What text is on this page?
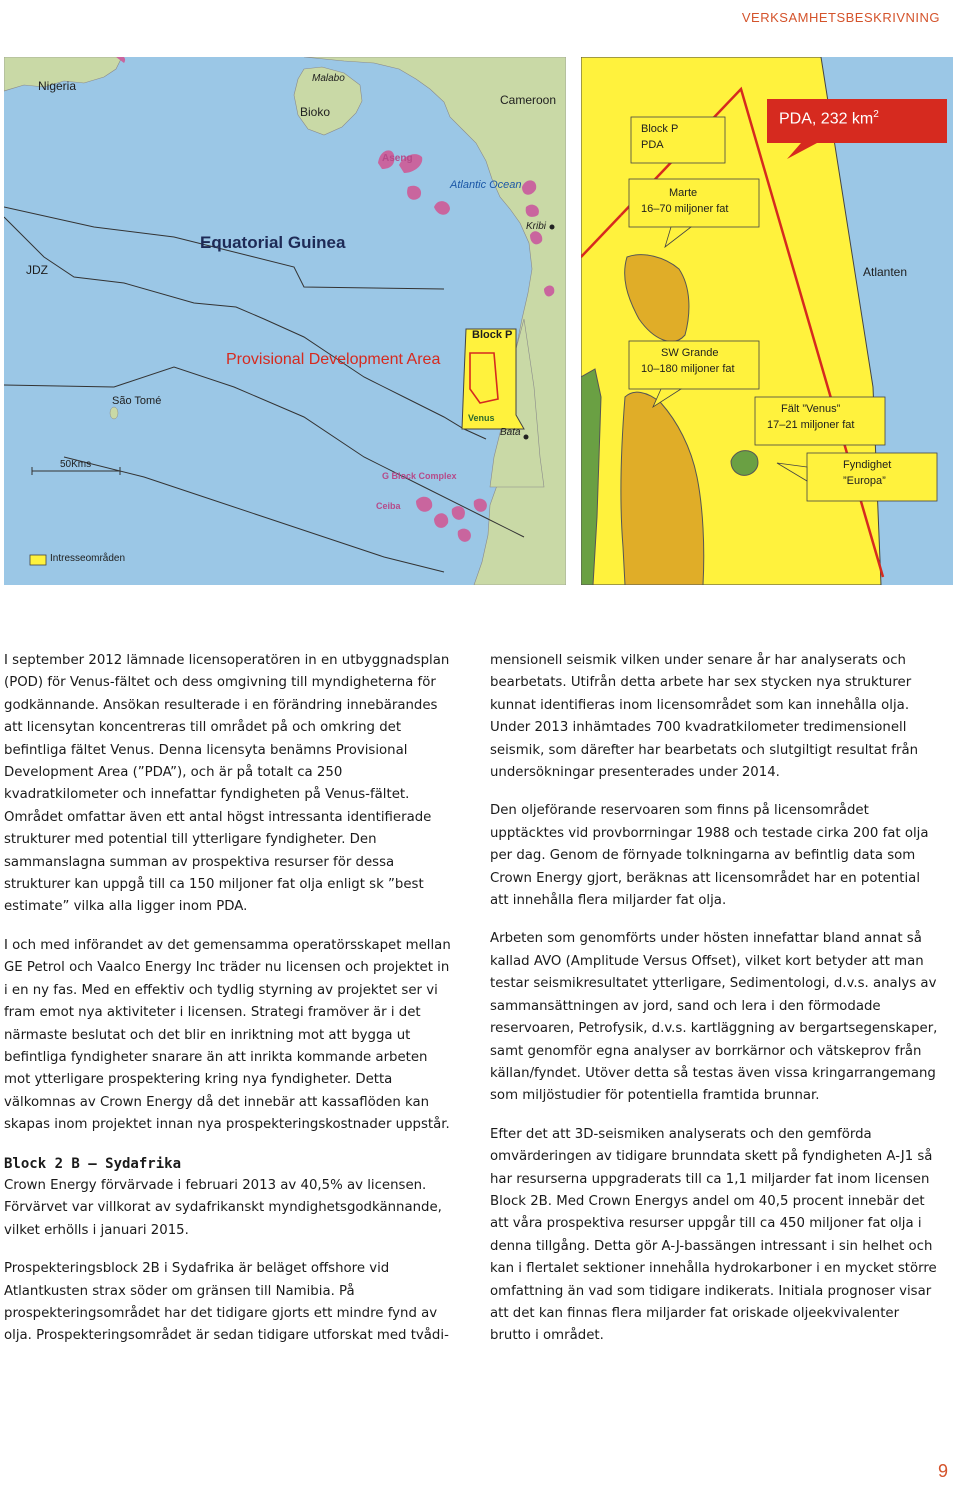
VERKSAMHETSBESKRIVNING
Nigeria
Malabo
Bioko
Cameroon
Aseng
Atlantic Ocean
Kribi
Equatorial Guinea
JDZ
Block P
Provisional Development Area
São Tomé
Venus
Bata
50Kms
G Block Complex
Ceiba
Intresseområden
Block P
PDA
PDA, 232 $km^2$
Marte
16–70 miljoner fat
Atlanten
SW Grande
10–180 miljoner fat
Fält ”Venus”
17–21 miljoner fat
Fyndighet
”Europa”

I september 2012 lämnade licensoperatören in en utbyggnadsplan (POD) för Venus-fältet och dess omgivning till myndigheterna för godkännande. Ansökan resulterade i en förändring innebärandes att licensytan koncentreras till området på och omkring det befintliga fältet Venus. Denna licensyta benämns Provisional Development Area (”PDA”), och är på totalt ca 250 kvadratkilometer och innefattar fyndigheten på Venus-fältet. Området omfattar även ett antal högst intressanta identifierade strukturer med potential till ytterligare fyndigheter. Den sammanslagna summan av prospektiva resurser för dessa strukturer kan uppgå till ca 150 miljoner fat olja enligt sk ”best estimate” vilka alla ligger inom PDA.

I och med införandet av det gemensamma operatörsskapet mellan GE Petrol och Vaalco Energy Inc träder nu licensen och projektet in i en ny fas. Med en effektiv och tydlig styrning av projektet ser vi fram emot nya aktiviteter i licensen. Strategi framöver är i det närmaste beslutat och det blir en inriktning mot att bygga ut befintliga fyndigheter snarare än att inrikta kommande arbeten mot ytterligare prospektering kring nya fyndigheter. Detta välkomnas av Crown Energy då det innebär att kassaflöden kan skapas inom projektet innan nya prospekteringskostnader uppstår.

Block 2 B – Sydafrika

Crown Energy förvärvade i februari 2013 av 40,5% av licensen. Förvärvet var villkorat av sydafrikanskt myndighetsgodkännande, vilket erhölls i januari 2015.

Prospekteringsblock 2B i Sydafrika är beläget offshore vid Atlantkusten strax söder om gränsen till Namibia. På prospekteringsområdet har det tidigare gjorts ett mindre fynd av olja. Prospekteringsområdet är sedan tidigare utforskat med tvådi-

mensionell seismik vilken under senare år har analyserats och bearbetats. Utifrån detta arbete har sex stycken nya strukturer kunnat identifieras inom licensområdet som kan innehålla olja. Under 2013 inhämtades 700 kvadratkilometer tredimensionell seismik, som därefter har bearbetats och slutgiltigt resultat från undersökningar presenterades under 2014.

Den oljeförande reservoaren som finns på licensområdet upptäcktes vid provborrningar 1988 och testade cirka 200 fat olja per dag. Genom de förnyade tolkningarna av befintlig data som Crown Energy gjort, beräknas att licensområdet har en potential att innehålla flera miljarder fat olja.

Arbeten som genomförts under hösten innefattar bland annat så kallad AVO (Amplitude Versus Offset), vilket kort betyder att man testar seismikresultatet ytterligare, Sedimentologi, d.v.s. analys av sammansättningen av jord, sand och lera i den förmodade reservoaren, Petrofysik, d.v.s. kartläggning av bergartsegenskaper, samt genomför egna analyser av borrkärnor och vätskeprov från källan/fyndet. Utöver detta så testas även vissa kringarrangemang som miljöstudier för potentiella framtida brunnar.

Efter det att 3D-seismiken analyserats och den gemförda omvärderingen av tidigare brunndata skett på fyndigheten A-J1 så har resurserna uppgraderats till ca 1,1 miljarder fat inom licensen Block 2B. Med Crown Energys andel om 40,5 procent innebär det att våra prospektiva resurser uppgår till ca 450 miljoner fat olja i denna tillgång. Detta gör A-J-bassängen intressant i sin helhet och kan i flertalet sektioner innehålla hydrokarboner i en mycket större omfattning än vad som tidigare indikerats. Initiala prognoser visar att det kan finnas flera miljarder fat oriskade oljeekvivalenter brutto i området.

9
